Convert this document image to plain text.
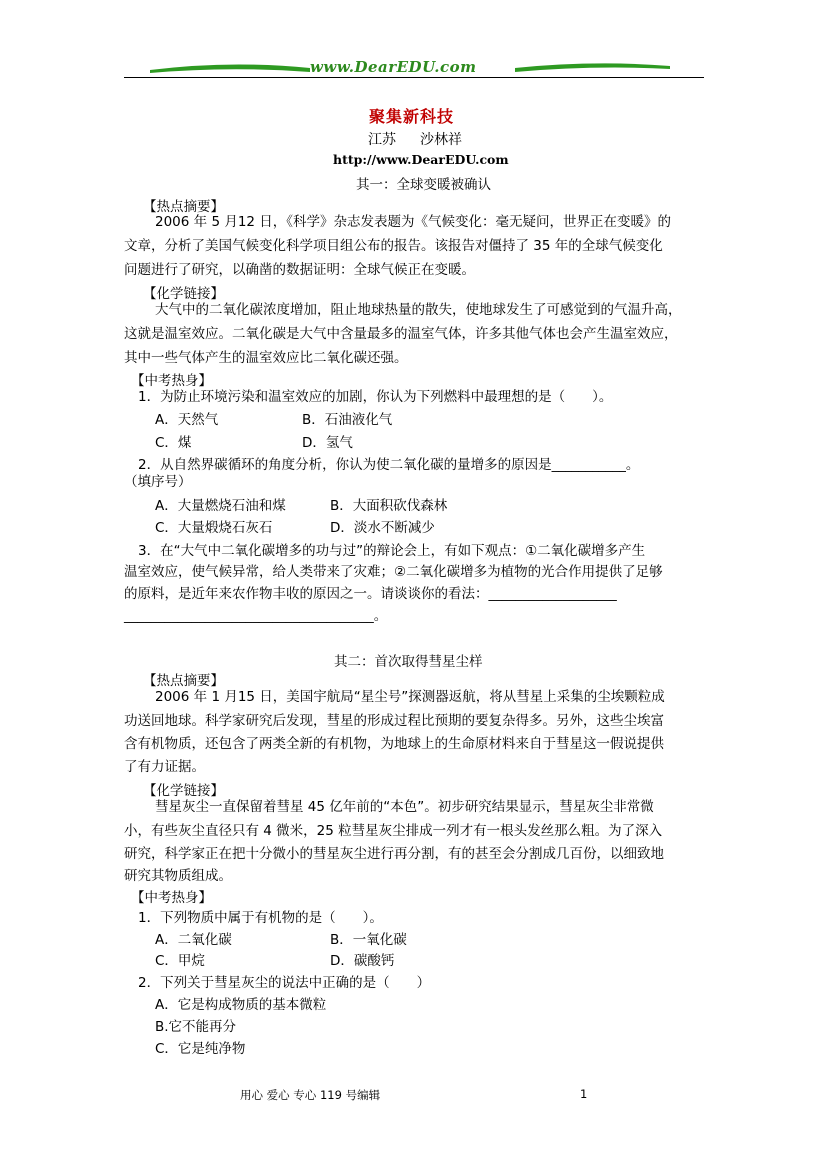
www.DearEDU.com
聚集新科技
江苏 沙林祥
http://www.DearEDU.com
其一：全球变暖被确认
【热点摘要】
2006 年 5 月12 日，《科学》杂志发表题为《气候变化：毫无疑问，世界正在变暖》的
文章，分析了美国气候变化科学项目组公布的报告。该报告对僵持了 35 年的全球气候变化
问题进行了研究，以确凿的数据证明：全球气候正在变暖。
【化学链接】
大气中的二氧化碳浓度增加，阻止地球热量的散失，使地球发生了可感觉到的气温升高，
这就是温室效应。二氧化碳是大气中含量最多的温室气体，许多其他气体也会产生温室效应，
其中一些气体产生的温室效应比二氧化碳还强。
【中考热身】
1．为防止环境污染和温室效应的加剧，你认为下列燃料中最理想的是（　　）。
A．天然气	B．石油液化气
C．煤	D．氢气
2．从自然界碳循环的角度分析，你认为使二氧化碳的量增多的原因是___________。
（填序号）
A．大量燃烧石油和煤	B．大面积砍伐森林
C．大量煅烧石灰石	D．淡水不断减少
3．在“大气中二氧化碳增多的功与过”的辩论会上，有如下观点：①二氧化碳增多产生
温室效应，使气候异常，给人类带来了灾难；②二氧化碳增多为植物的光合作用提供了足够
的原料，是近年来农作物丰收的原因之一。请谈谈你的看法：___________________
_____________________________________。
其二：首次取得彗星尘样
【热点摘要】
2006 年 1 月15 日，美国宇航局“星尘号”探测器返航，将从彗星上采集的尘埃颗粒成
功送回地球。科学家研究后发现，彗星的形成过程比预期的要复杂得多。另外，这些尘埃富
含有机物质，还包含了两类全新的有机物，为地球上的生命原材料来自于彗星这一假说提供
了有力证据。
【化学链接】
彗星灰尘一直保留着彗星 45 亿年前的“本色”。初步研究结果显示，彗星灰尘非常微
小，有些灰尘直径只有 4 微米，25 粒彗星灰尘排成一列才有一根头发丝那么粗。为了深入
研究，科学家正在把十分微小的彗星灰尘进行再分割，有的甚至会分割成几百份，以细致地
研究其物质组成。
【中考热身】
1．下列物质中属于有机物的是（　　）。
A．二氧化碳	B．一氧化碳
C．甲烷	D．碳酸钙
2．下列关于彗星灰尘的说法中正确的是（　　）
A．它是构成物质的基本微粒
B.它不能再分
C．它是纯净物
用心 爱心 专心 119 号编辑	1
